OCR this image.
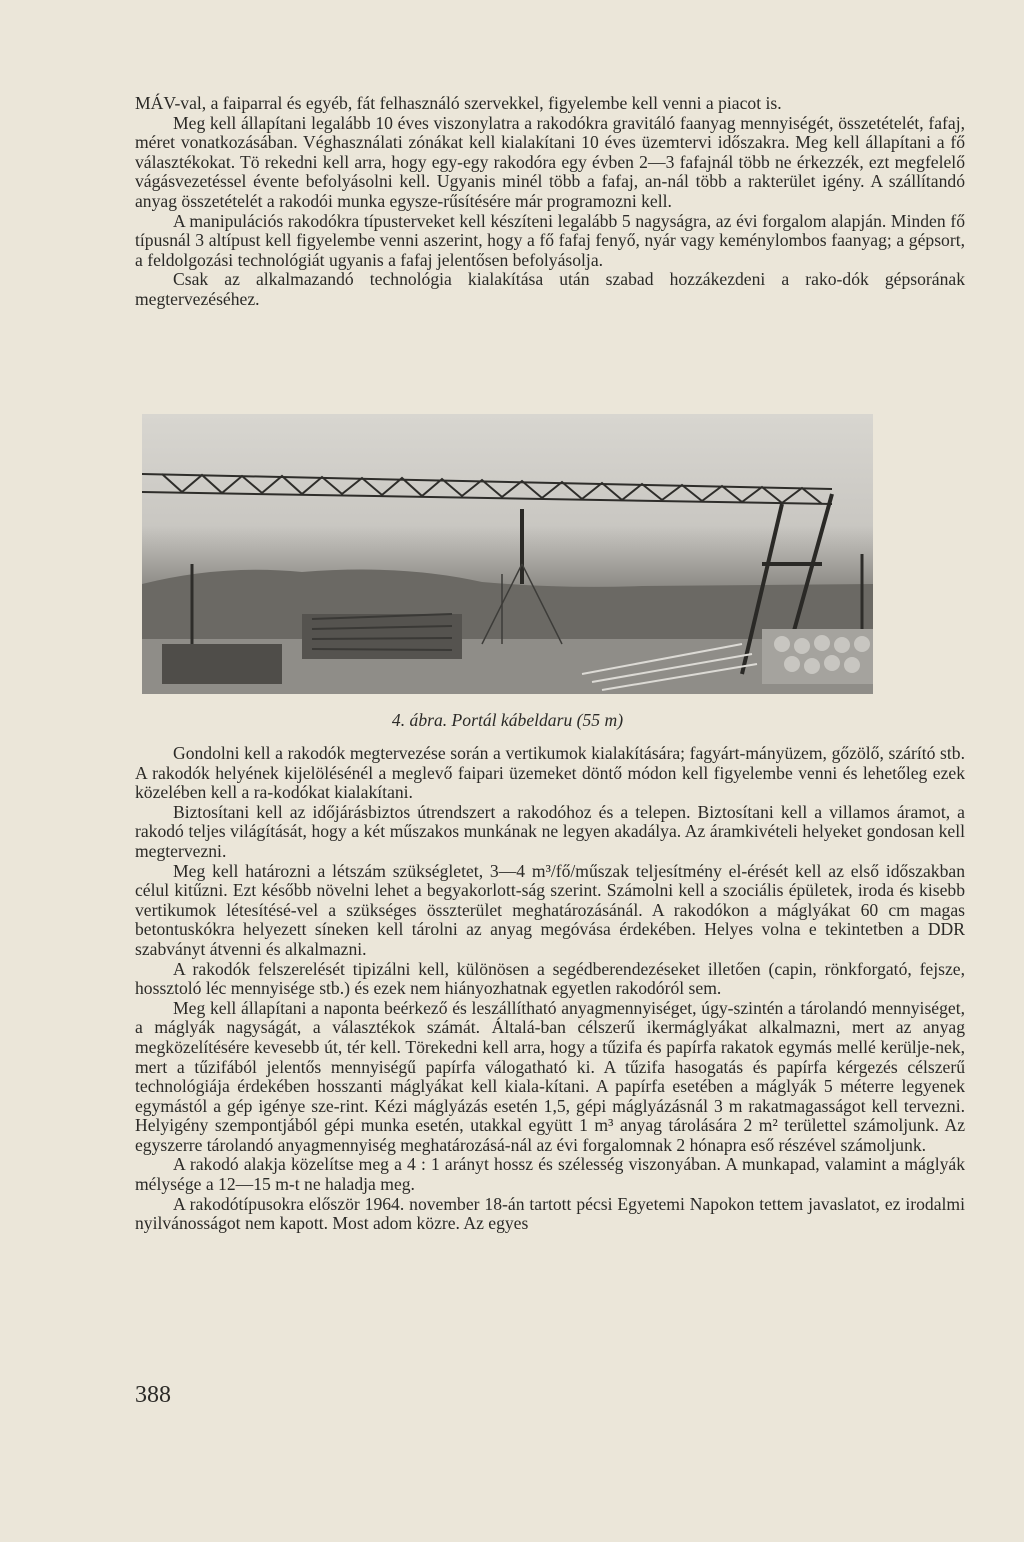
MÁV-val, a faiparral és egyéb, fát felhasználó szervekkel, figyelembe kell venni a piacot is.

Meg kell állapítani legalább 10 éves viszonylatra a rakodókra gravitáló faanyag mennyiségét, összetételét, fafaj, méret vonatkozásában. Véghasználati zónákat kell kialakítani 10 éves üzemtervi időszakra. Meg kell állapítani a fő választékokat. Tö rekedni kell arra, hogy egy-egy rakodóra egy évben 2—3 fafajnál több ne érkezzék, ezt megfelelő vágásvezetéssel évente befolyásolni kell. Ugyanis minél több a fafaj, an-nál több a rakterület igény. A szállítandó anyag összetételét a rakodói munka egysze-rűsítésére már programozni kell.

A manipulációs rakodókra típusterveket kell készíteni legalább 5 nagyságra, az évi forgalom alapján. Minden fő típusnál 3 altípust kell figyelembe venni aszerint, hogy a fő fafaj fenyő, nyár vagy keménylombos faanyag; a gépsort, a feldolgozási technológiát ugyanis a fafaj jelentősen befolyásolja.

Csak az alkalmazandó technológia kialakítása után szabad hozzákezdeni a rako-dók gépsorának megtervezéséhez.

4. ábra. Portál kábeldaru (55 m)

Gondolni kell a rakodók megtervezése során a vertikumok kialakítására; fagyárt-mányüzem, gőzölő, szárító stb. A rakodók helyének kijelölésénél a meglevő faipari üzemeket döntő módon kell figyelembe venni és lehetőleg ezek közelében kell a ra-kodókat kialakítani.

Biztosítani kell az időjárásbiztos útrendszert a rakodóhoz és a telepen. Biztosítani kell a villamos áramot, a rakodó teljes világítását, hogy a két műszakos munkának ne legyen akadálya. Az áramkivételi helyeket gondosan kell megtervezni.

Meg kell határozni a létszám szükségletet, 3—4 m³/fő/műszak teljesítmény el-érését kell az első időszakban célul kitűzni. Ezt később növelni lehet a begyakorlott-ság szerint. Számolni kell a szociális épületek, iroda és kisebb vertikumok létesítésé-vel a szükséges összterület meghatározásánál. A rakodókon a máglyákat 60 cm magas betontuskókra helyezett síneken kell tárolni az anyag megóvása érdekében. Helyes volna e tekintetben a DDR szabványt átvenni és alkalmazni.

A rakodók felszerelését tipizálni kell, különösen a segédberendezéseket illetően (capin, rönkforgató, fejsze, hossztoló léc mennyisége stb.) és ezek nem hiányozhatnak egyetlen rakodóról sem.

Meg kell állapítani a naponta beérkező és leszállítható anyagmennyiséget, úgy-szintén a tárolandó mennyiséget, a máglyák nagyságát, a választékok számát. Általá-ban célszerű ikermáglyákat alkalmazni, mert az anyag megközelítésére kevesebb út, tér kell. Törekedni kell arra, hogy a tűzifa és papírfa rakatok egymás mellé kerülje-nek, mert a tűzifából jelentős mennyiségű papírfa válogatható ki. A tűzifa hasogatás és papírfa kérgezés célszerű technológiája érdekében hosszanti máglyákat kell kiala-kítani. A papírfa esetében a máglyák 5 méterre legyenek egymástól a gép igénye sze-rint. Kézi máglyázás esetén 1,5, gépi máglyázásnál 3 m rakatmagasságot kell tervezni. Helyigény szempontjából gépi munka esetén, utakkal együtt 1 m³ anyag tárolására 2 m² területtel számoljunk. Az egyszerre tárolandó anyagmennyiség meghatározásá-nál az évi forgalomnak 2 hónapra eső részével számoljunk.

A rakodó alakja közelítse meg a 4 : 1 arányt hossz és szélesség viszonyában. A munkapad, valamint a máglyák mélysége a 12—15 m-t ne haladja meg.

A rakodótípusokra először 1964. november 18-án tartott pécsi Egyetemi Napokon tettem javaslatot, ez irodalmi nyilvánosságot nem kapott. Most adom közre. Az egyes

388
